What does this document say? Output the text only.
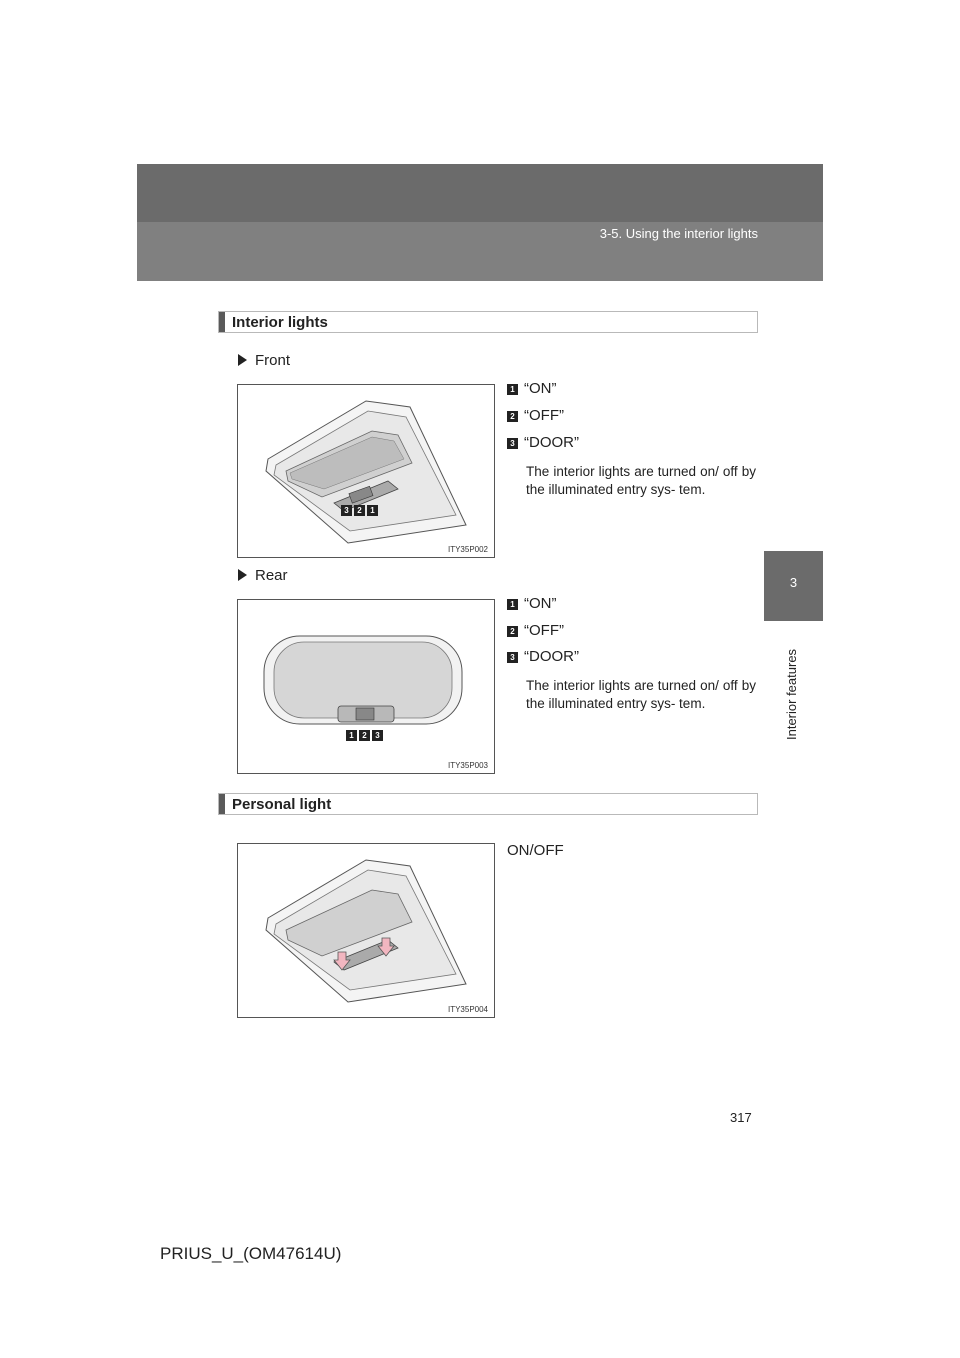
3-5. Using the interior lights
3
Interior features
Interior lights
Front
3 2 1
ITY35P002
1 “ON”
2 “OFF”
3 “DOOR”
The interior lights are turned on/ off by the illuminated entry sys- tem.
Rear
1 2 3
ITY35P003
1 “ON”
2 “OFF”
3 “DOOR”
The interior lights are turned on/ off by the illuminated entry sys- tem.
Personal light
ITY35P004
ON/OFF
317
PRIUS_U_(OM47614U)
